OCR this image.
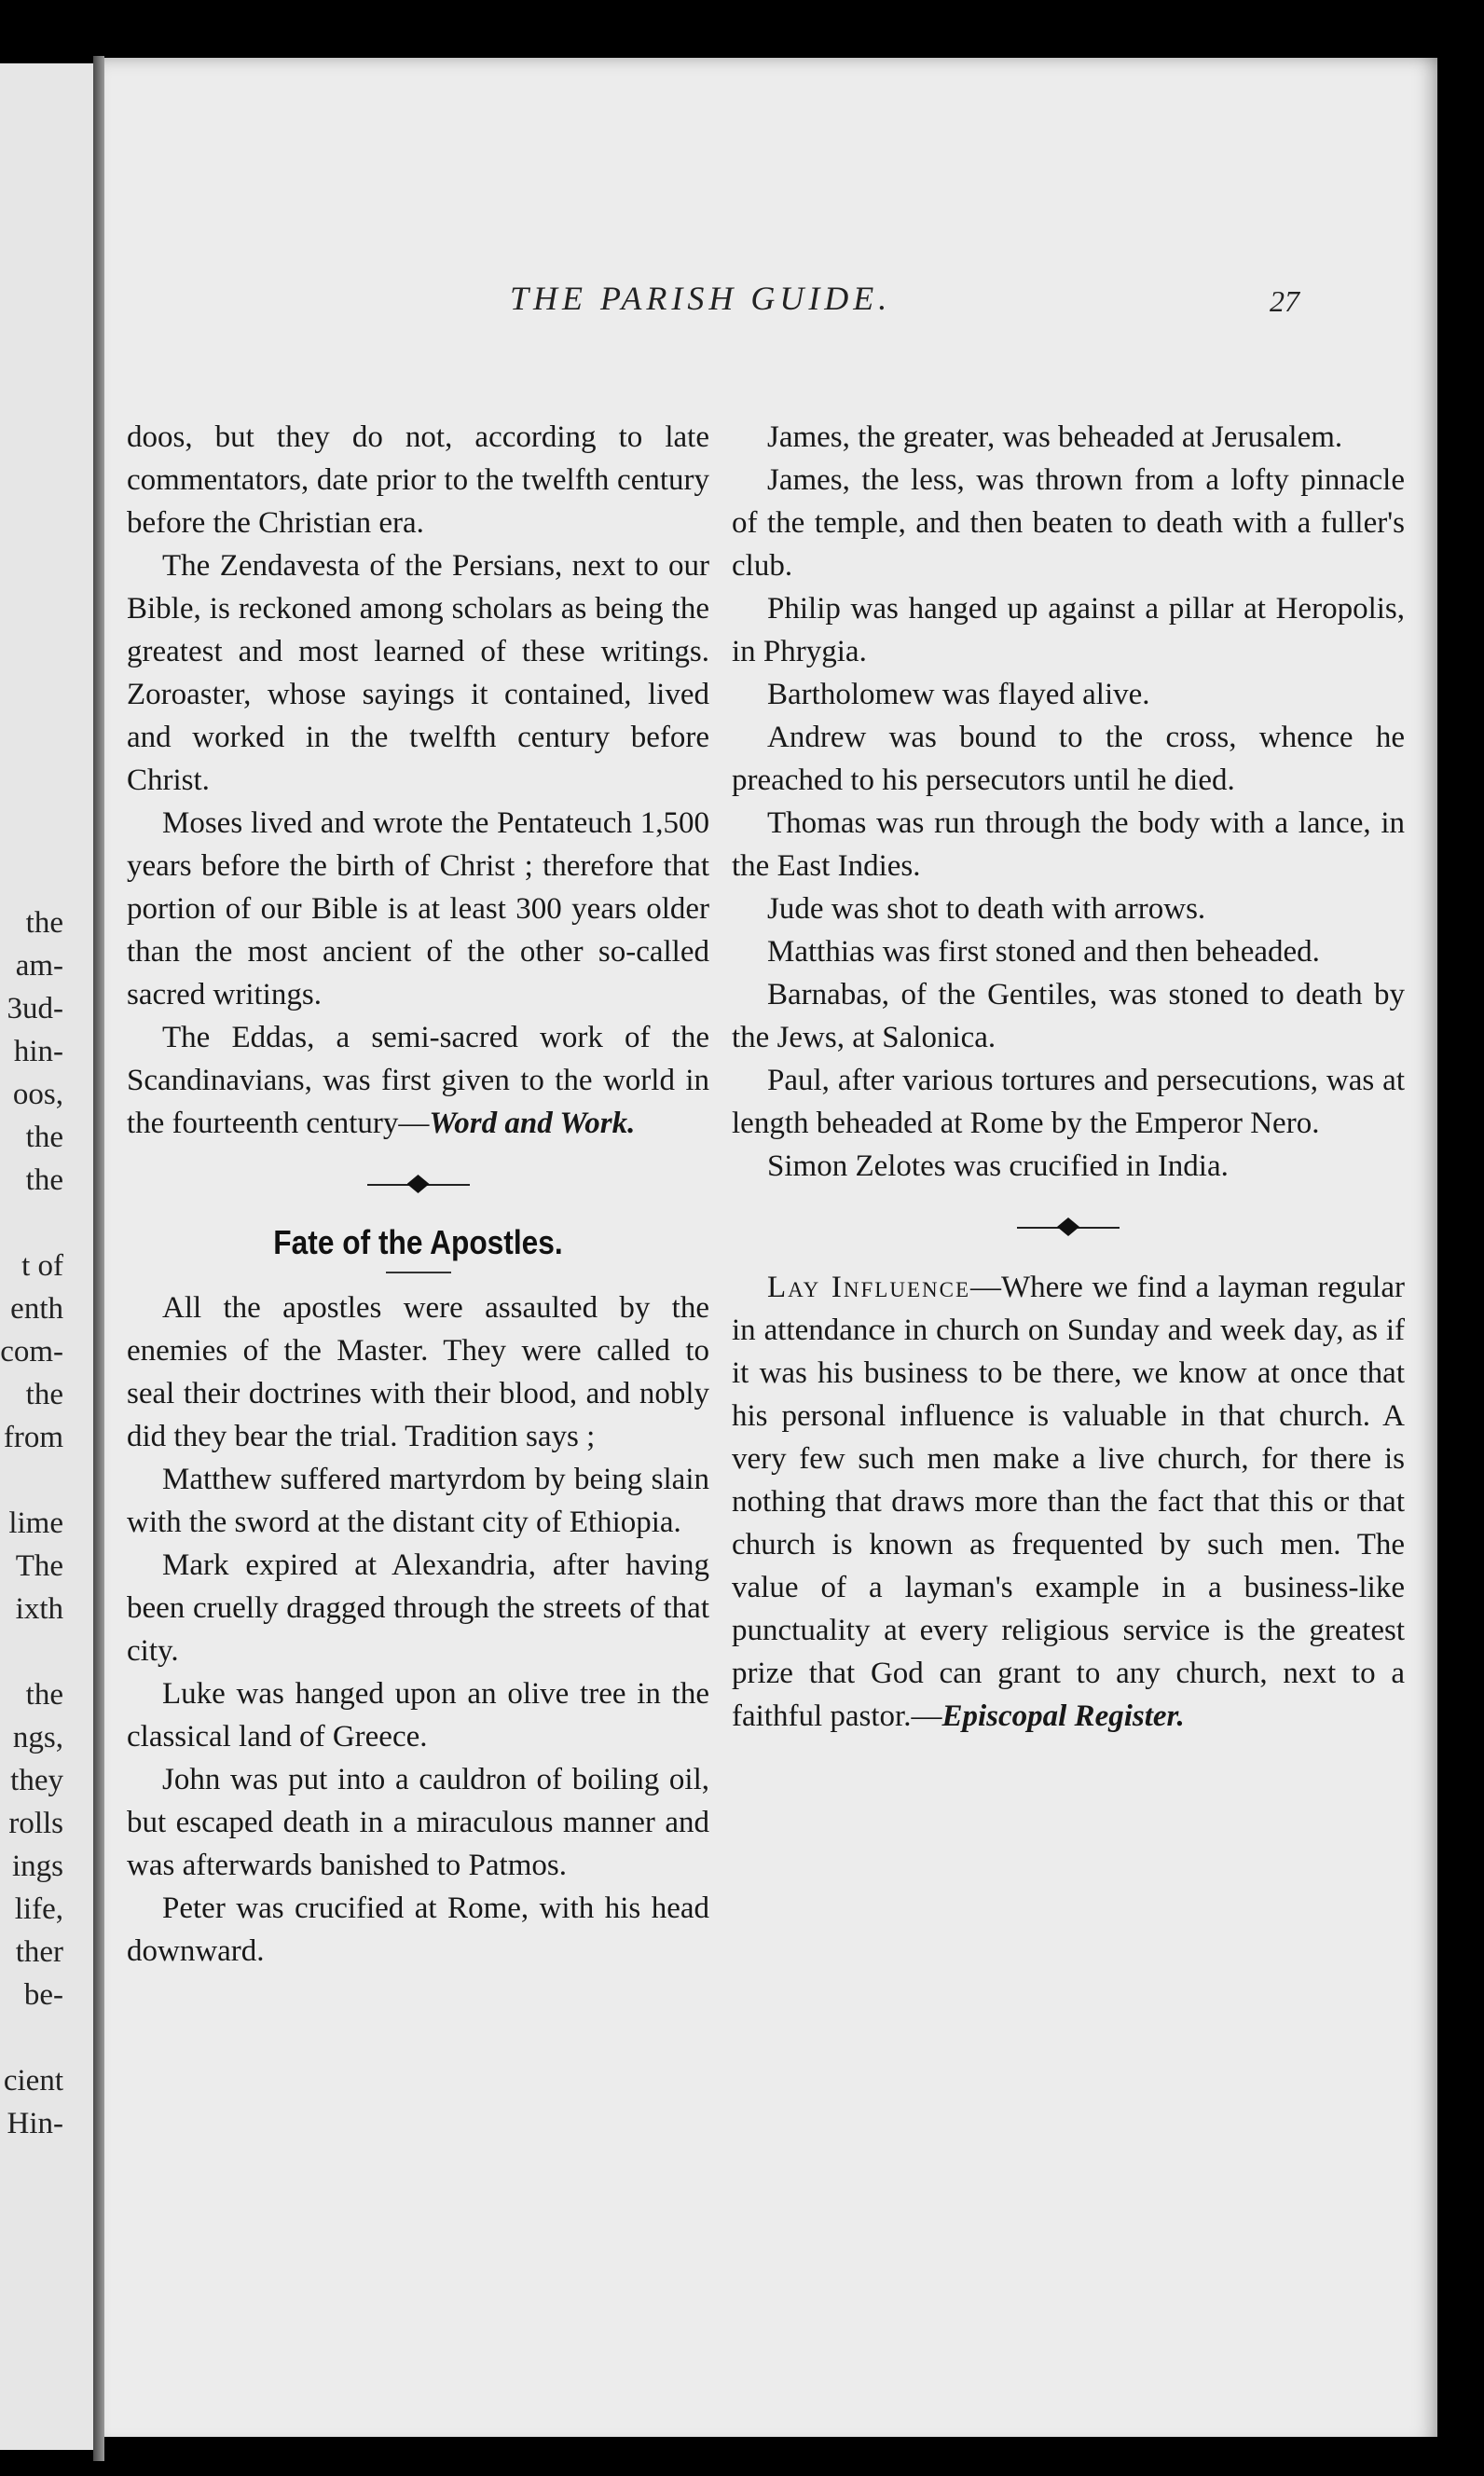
the
am-
3ud-
hin-
oos,
the
the
t of
enth
com-
the
from
lime
The
ixth
the
ngs,
they
rolls
ings
life,
ther
be-
cient
Hin-
THE PARISH GUIDE.	27

doos, but they do not, according to late commentators, date prior to the twelfth century before the Christian era.

The Zendavesta of the Persians, next to our Bible, is reckoned among scholars as being the greatest and most learned of these writings. Zoroaster, whose sayings it contained, lived and worked in the twelfth century before Christ.

Moses lived and wrote the Pentateuch 1,500 years before the birth of Christ ; therefore that portion of our Bible is at least 300 years older than the most ancient of the other so-called sacred writings.

The Eddas, a semi-sacred work of the Scandinavians, was first given to the world in the fourteenth century—Word and Work.

Fate of the Apostles.

All the apostles were assaulted by the enemies of the Master. They were called to seal their doctrines with their blood, and nobly did they bear the trial. Tradition says ;

Matthew suffered martyrdom by being slain with the sword at the distant city of Ethiopia.

Mark expired at Alexandria, after having been cruelly dragged through the streets of that city.

Luke was hanged upon an olive tree in the classical land of Greece.

John was put into a cauldron of boiling oil, but escaped death in a miraculous manner and was afterwards banished to Patmos.

Peter was crucified at Rome, with his head downward.

James, the greater, was beheaded at Jerusalem.

James, the less, was thrown from a lofty pinnacle of the temple, and then beaten to death with a fuller's club.

Philip was hanged up against a pillar at Heropolis, in Phrygia.

Bartholomew was flayed alive.

Andrew was bound to the cross, whence he preached to his persecutors until he died.

Thomas was run through the body with a lance, in the East Indies.

Jude was shot to death with arrows.

Matthias was first stoned and then beheaded.

Barnabas, of the Gentiles, was stoned to death by the Jews, at Salonica.

Paul, after various tortures and persecutions, was at length beheaded at Rome by the Emperor Nero.

Simon Zelotes was crucified in India.

Lay Influence—Where we find a layman regular in attendance in church on Sunday and week day, as if it was his business to be there, we know at once that his personal influence is valuable in that church. A very few such men make a live church, for there is nothing that draws more than the fact that this or that church is known as frequented by such men. The value of a layman's example in a business-like punctuality at every religious service is the greatest prize that God can grant to any church, next to a faithful pastor.—Episcopal Register.
